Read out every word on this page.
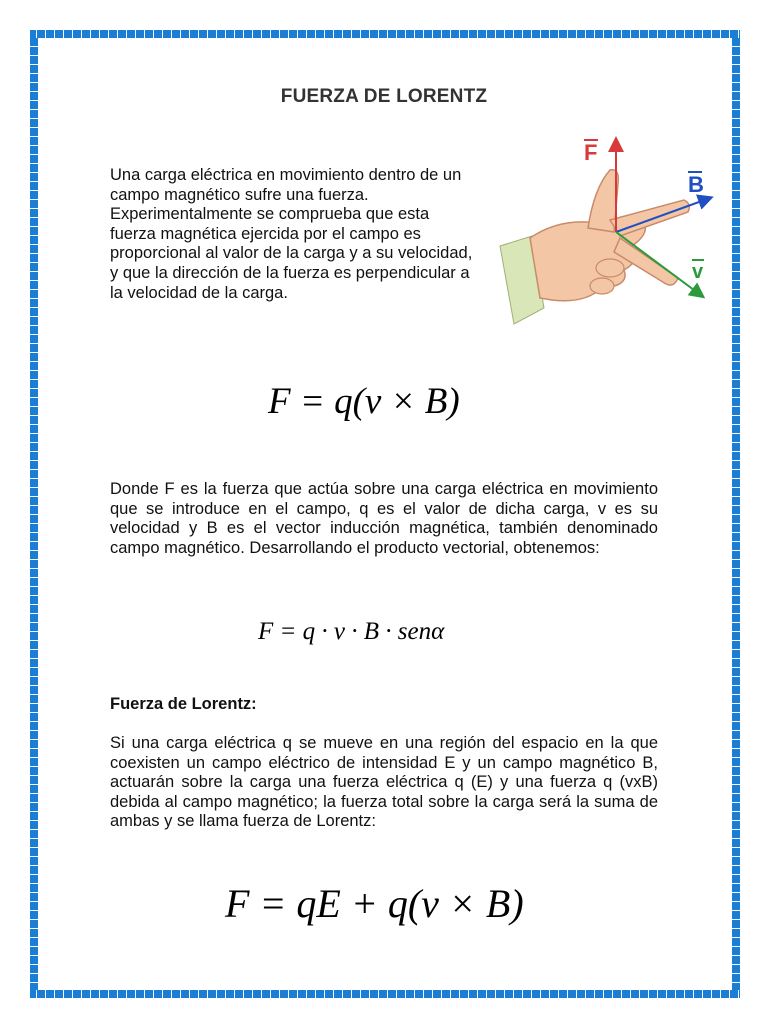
FUERZA DE LORENTZ

Una carga eléctrica en movimiento dentro de un campo magnético sufre una fuerza. Experimentalmente se comprueba que esta fuerza magnética ejercida por el campo es proporcional al valor de la carga y a su velocidad, y que la dirección de la fuerza es perpendicular a la velocidad de la carga.

F
B
v
F = q(v × B)

Donde F es la fuerza que actúa sobre una carga eléctrica en movimiento que se introduce en el campo, q es el valor de dicha carga, v es su velocidad y B es el vector inducción magnética, también denominado campo magnético. Desarrollando el producto vectorial, obtenemos:

F = q · v · B · senα
Fuerza de Lorentz:

Si una carga eléctrica q se mueve en una región del espacio en la que coexisten un campo eléctrico de intensidad E y un campo magnético B, actuarán sobre la carga una fuerza eléctrica q (E) y una fuerza q (vxB) debida al campo magnético; la fuerza total sobre la carga será la suma de ambas y se llama fuerza de Lorentz:

F = qE + q(v × B)
